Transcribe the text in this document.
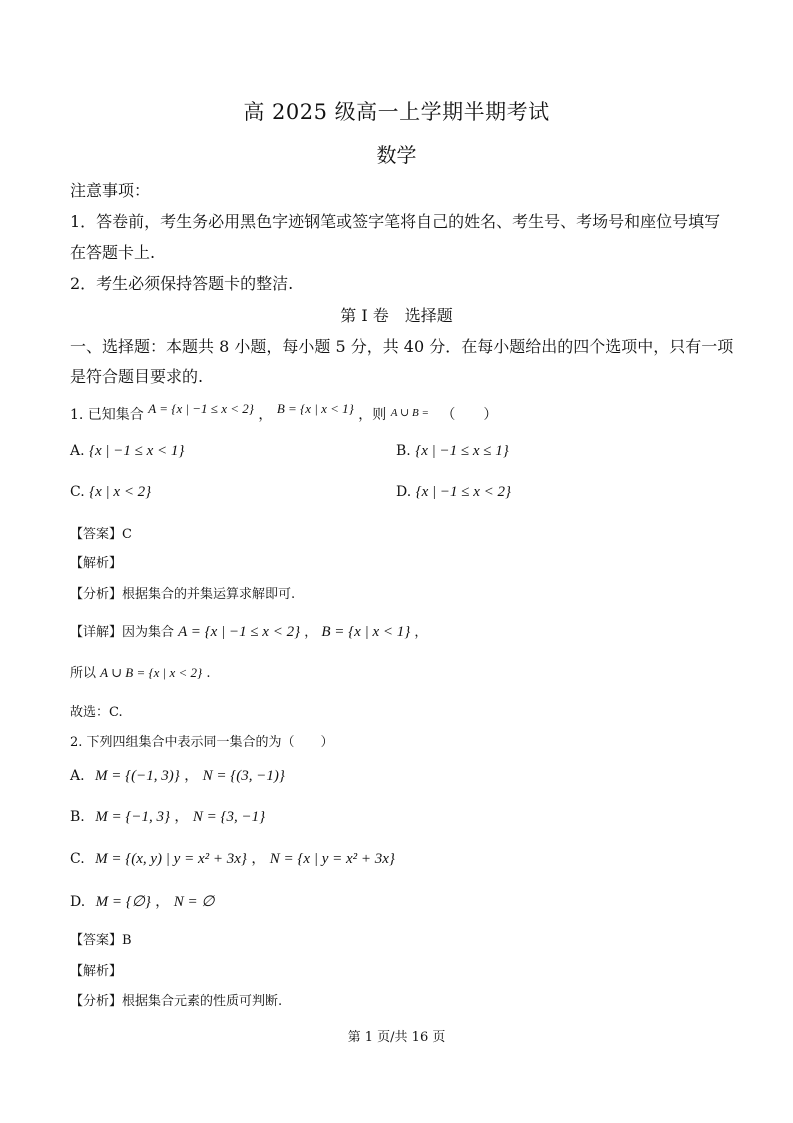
高 2025 级高一上学期半期考试
数学
注意事项：
1．答卷前，考生务必用黑色字迹钢笔或签字笔将自己的姓名、考生号、考场号和座位号填写
在答题卡上.
2．考生必须保持答题卡的整洁.
第 I 卷　选择题
一、选择题：本题共 8 小题，每小题 5 分，共 40 分．在每小题给出的四个选项中，只有一项
是符合题目要求的.
1. 已知集合 A = {x | −1 ≤ x < 2} ， B = {x | x < 1} ，则 $^{A \cup B =}$ （　　）
A. {x | −1 ≤ x < 1}	B. {x | −1 ≤ x ≤ 1}
C. {x | x < 2}	D. {x | −1 ≤ x < 2}
【答案】C
【解析】
【分析】根据集合的并集运算求解即可.
【详解】因为集合 A = {x | −1 ≤ x < 2} ， B = {x | x < 1} ，
所以 A ∪ B = {x | x < 2} .
故选：C.
2. 下列四组集合中表示同一集合的为（　　）
A. M = {(−1, 3)} ， N = {(3, −1)}
B. M = {−1, 3} ， N = {3, −1}
C. M = {(x, y) | y = x² + 3x} ， N = {x | y = x² + 3x}
D. M = {∅} ， N = ∅
【答案】B
【解析】
【分析】根据集合元素的性质可判断.
第 1 页/共 16 页
